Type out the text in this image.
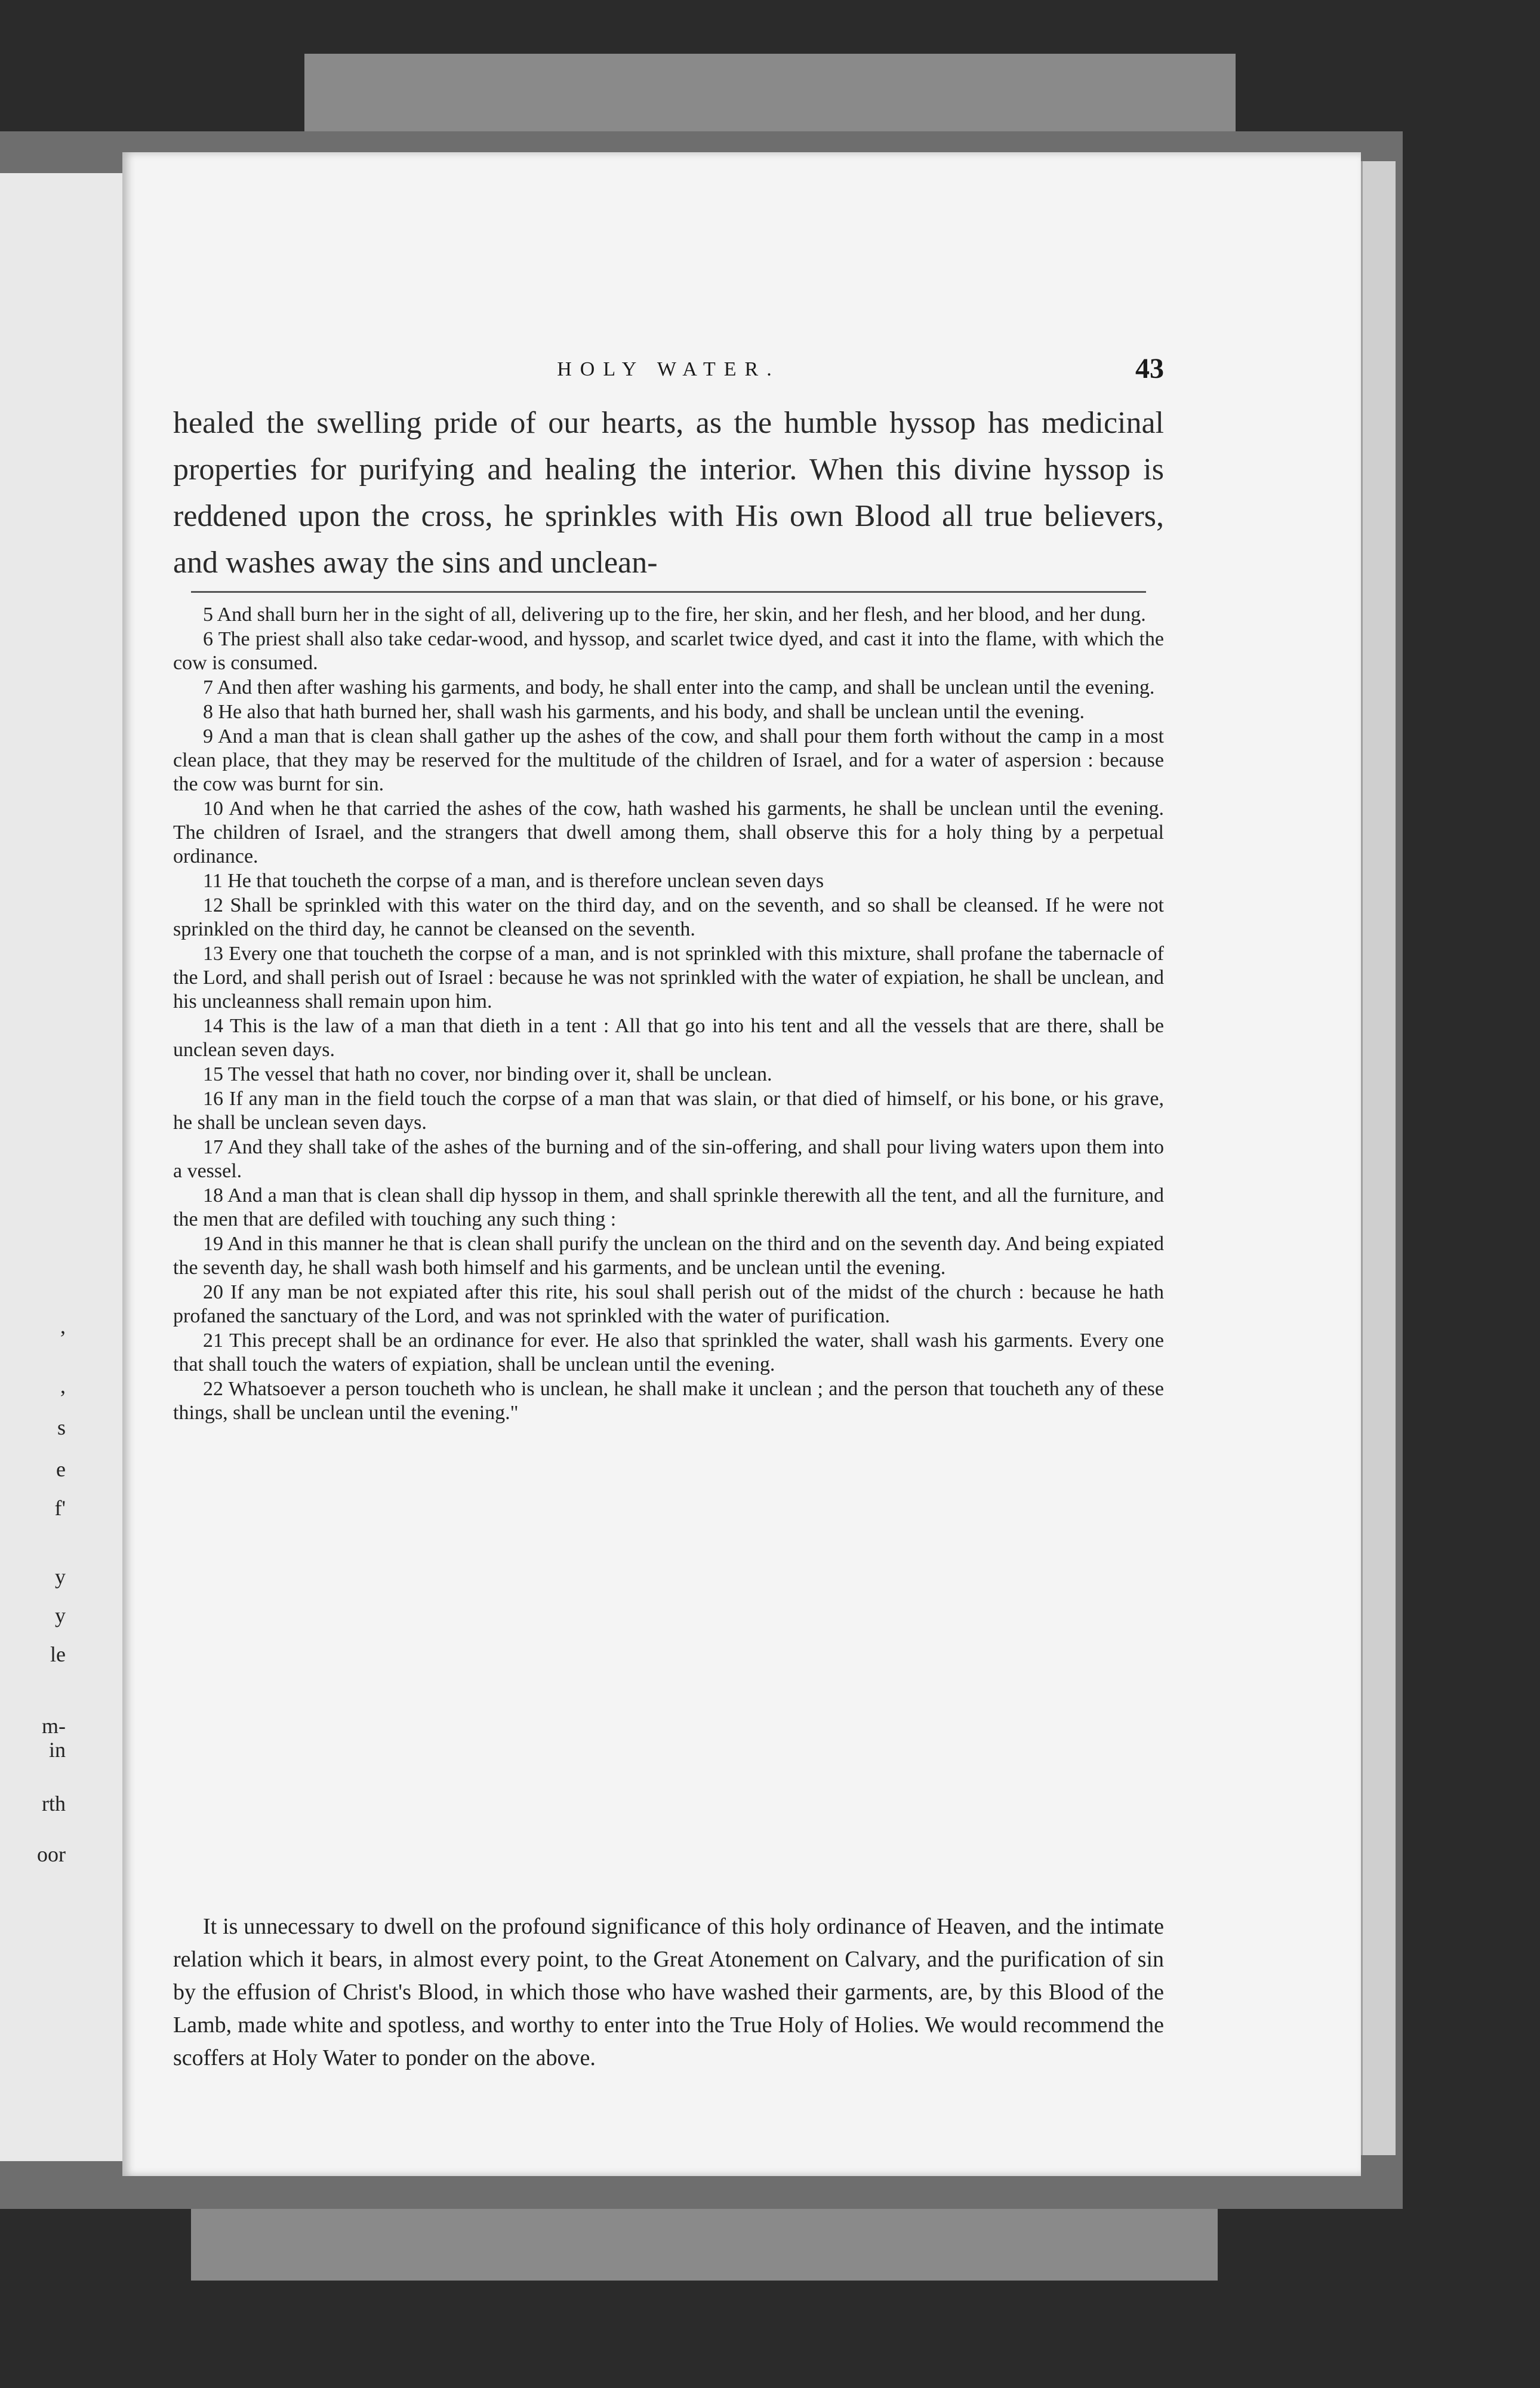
,
,
s
e
f'
y
y
le
m-
in
rth
oor
HOLY WATER.	43
healed the swelling pride of our hearts, as the humble hyssop has medicinal properties for purifying and healing the interior. When this divine hyssop is reddened upon the cross, he sprinkles with His own Blood all true believers, and washes away the sins and unclean-

5 And shall burn her in the sight of all, delivering up to the fire, her skin, and her flesh, and her blood, and her dung.

6 The priest shall also take cedar-wood, and hyssop, and scarlet twice dyed, and cast it into the flame, with which the cow is consumed.

7 And then after washing his garments, and body, he shall enter into the camp, and shall be unclean until the evening.

8 He also that hath burned her, shall wash his garments, and his body, and shall be unclean until the evening.

9 And a man that is clean shall gather up the ashes of the cow, and shall pour them forth without the camp in a most clean place, that they may be reserved for the multitude of the children of Israel, and for a water of aspersion : because the cow was burnt for sin.

10 And when he that carried the ashes of the cow, hath washed his garments, he shall be unclean until the evening. The children of Israel, and the strangers that dwell among them, shall observe this for a holy thing by a perpetual ordinance.

11 He that toucheth the corpse of a man, and is therefore unclean seven days

12 Shall be sprinkled with this water on the third day, and on the seventh, and so shall be cleansed. If he were not sprinkled on the third day, he cannot be cleansed on the seventh.

13 Every one that toucheth the corpse of a man, and is not sprinkled with this mixture, shall profane the tabernacle of the Lord, and shall perish out of Israel : because he was not sprinkled with the water of expiation, he shall be unclean, and his uncleanness shall remain upon him.

14 This is the law of a man that dieth in a tent : All that go into his tent and all the vessels that are there, shall be unclean seven days.

15 The vessel that hath no cover, nor binding over it, shall be unclean.

16 If any man in the field touch the corpse of a man that was slain, or that died of himself, or his bone, or his grave, he shall be unclean seven days.

17 And they shall take of the ashes of the burning and of the sin-offering, and shall pour living waters upon them into a vessel.

18 And a man that is clean shall dip hyssop in them, and shall sprinkle therewith all the tent, and all the furniture, and the men that are defiled with touching any such thing :

19 And in this manner he that is clean shall purify the unclean on the third and on the seventh day. And being expiated the seventh day, he shall wash both himself and his garments, and be unclean until the evening.

20 If any man be not expiated after this rite, his soul shall perish out of the midst of the church : because he hath profaned the sanctuary of the Lord, and was not sprinkled with the water of purification.

21 This precept shall be an ordinance for ever. He also that sprinkled the water, shall wash his garments. Every one that shall touch the waters of expiation, shall be unclean until the evening.

22 Whatsoever a person toucheth who is unclean, he shall make it unclean ; and the person that toucheth any of these things, shall be unclean until the evening."

It is unnecessary to dwell on the profound significance of this holy ordinance of Heaven, and the intimate relation which it bears, in almost every point, to the Great Atonement on Calvary, and the purification of sin by the effusion of Christ's Blood, in which those who have washed their garments, are, by this Blood of the Lamb, made white and spotless, and worthy to enter into the True Holy of Holies. We would recommend the scoffers at Holy Water to ponder on the above.
